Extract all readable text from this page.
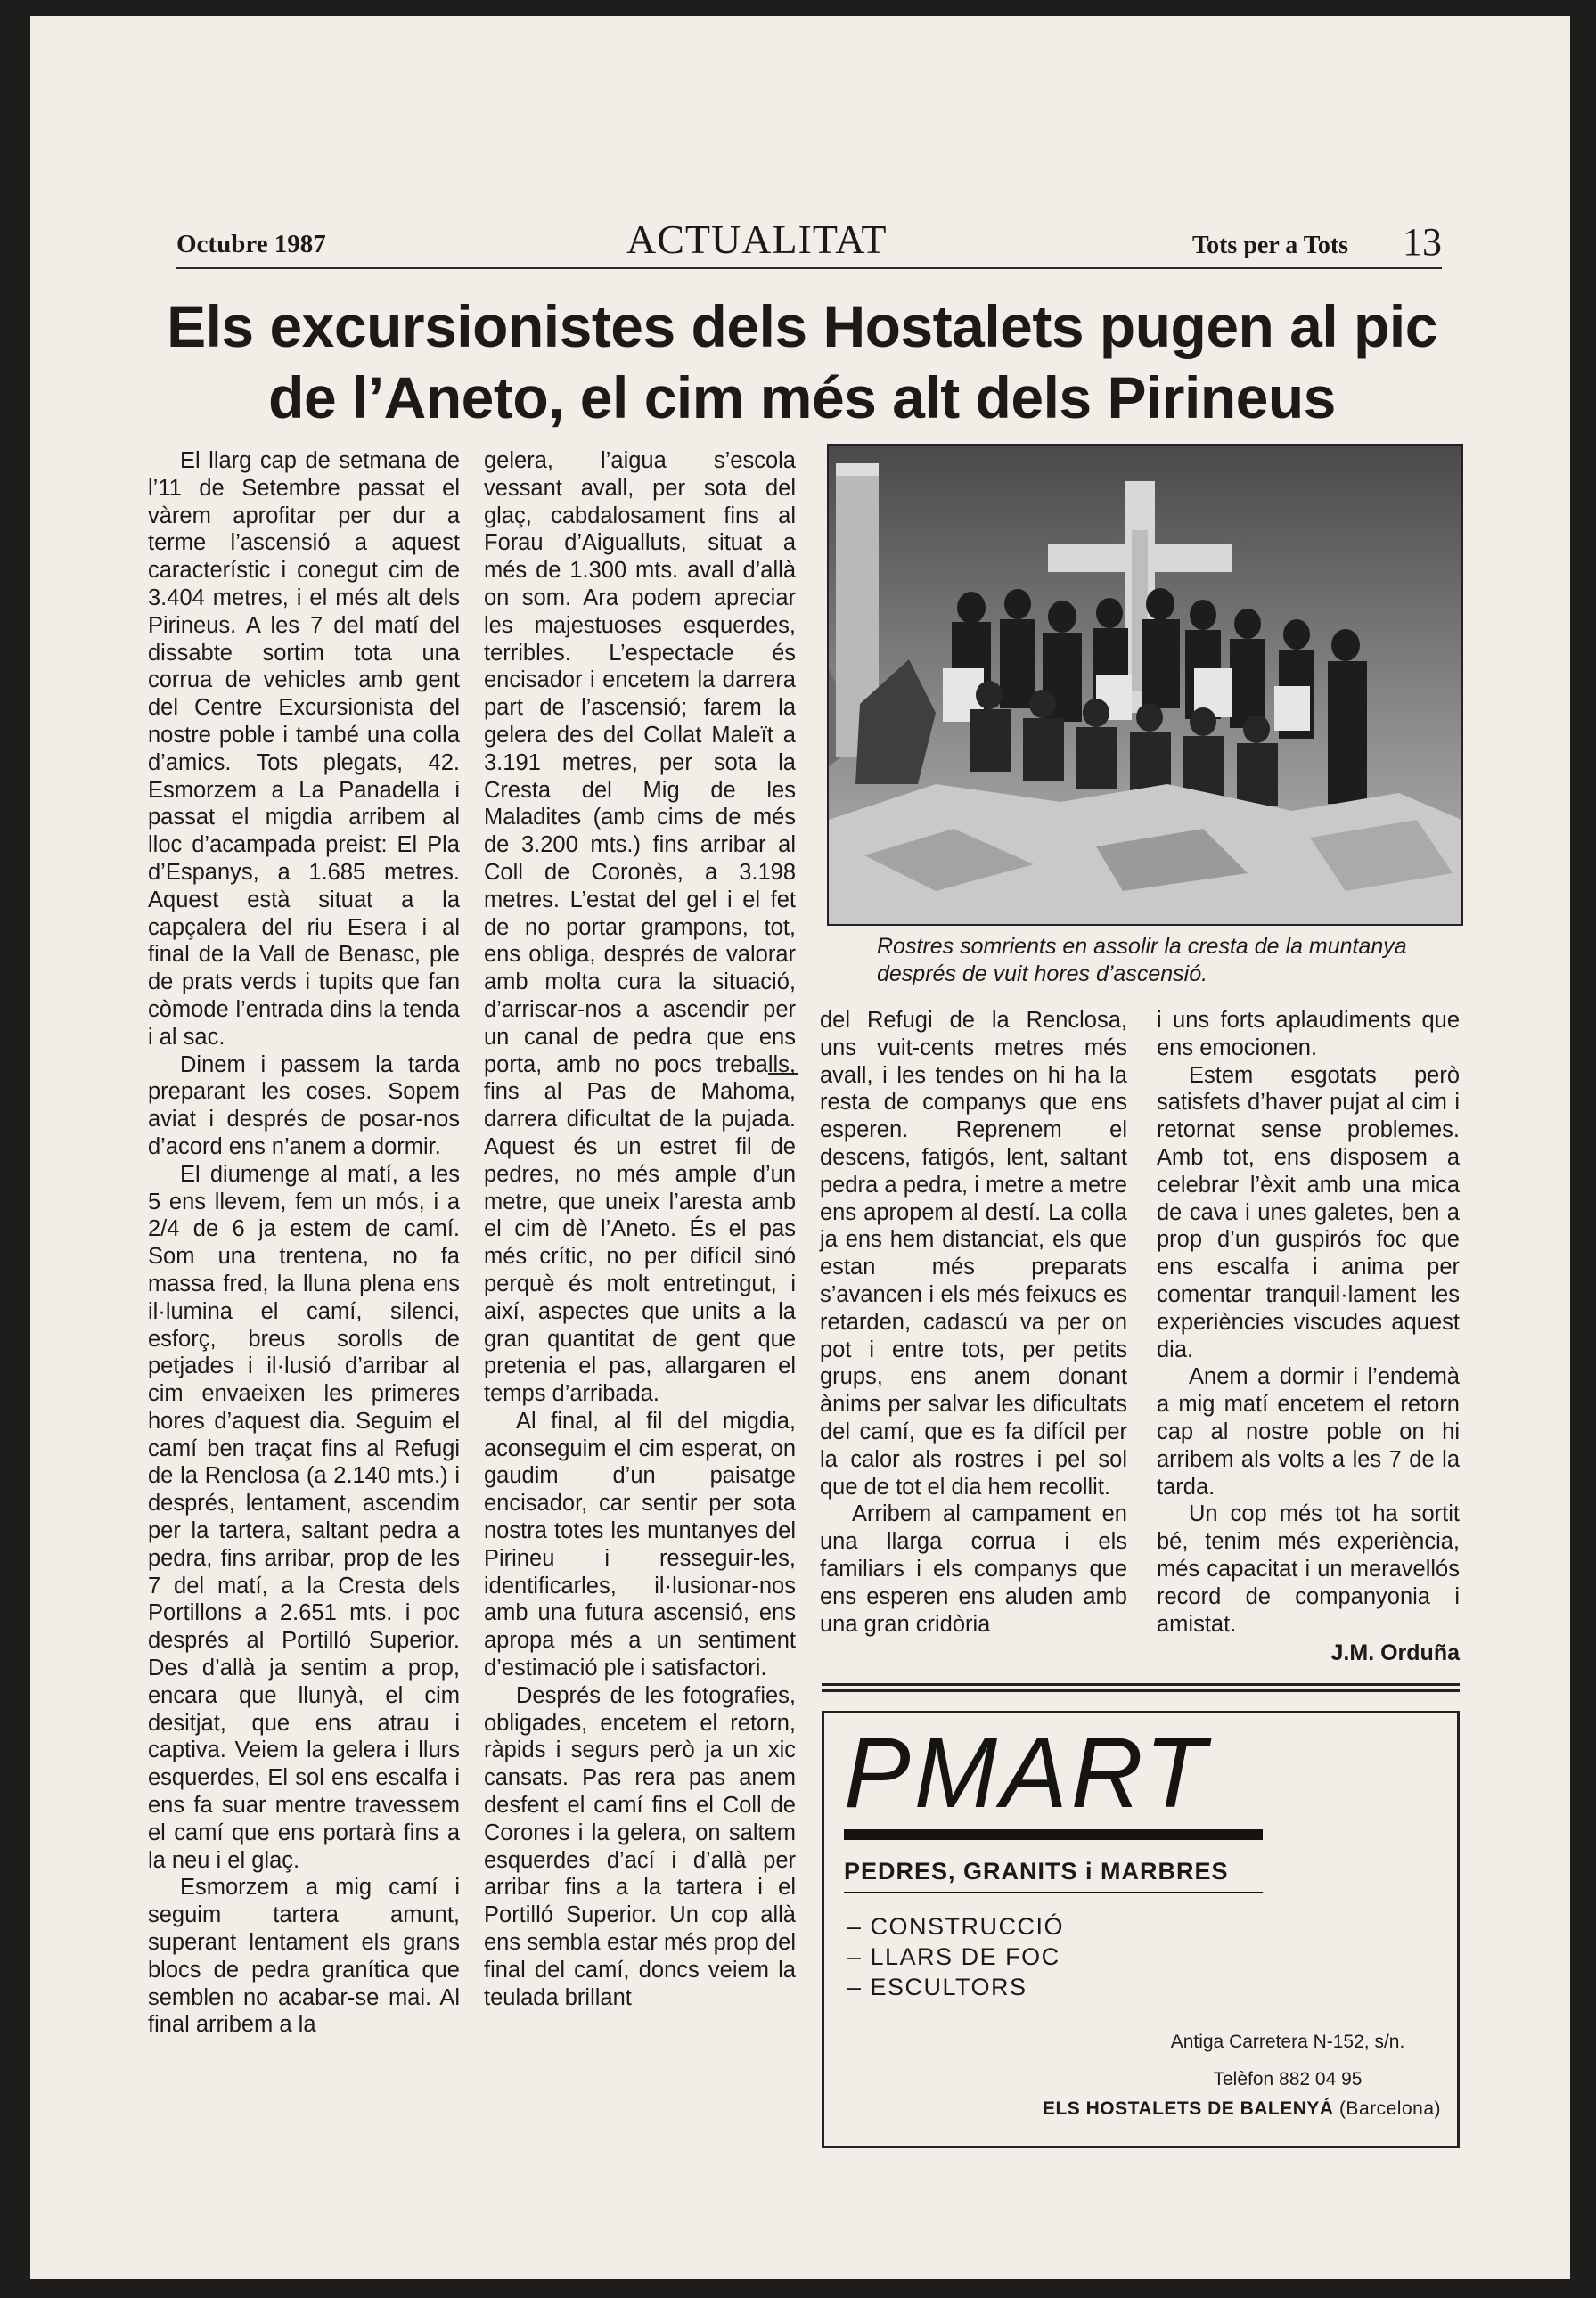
Octubre 1987	ACTUALITAT	Tots per a Tots 13
Els excursionistes dels Hostalets pugen al pic
de l’Aneto, el cim més alt dels Pirineus

El llarg cap de setmana de l’11 de Setembre passat el vàrem aprofitar per dur a terme l’ascensió a aquest característic i conegut cim de 3.404 metres, i el més alt dels Pirineus. A les 7 del matí del dissabte sortim tota una corrua de vehicles amb gent del Centre Excursionista del nostre poble i també una colla d’amics. Tots plegats, 42. Esmorzem a La Panadella i passat el migdia arribem al lloc d’acampada preist: El Pla d’Espanys, a 1.685 metres. Aquest està situat a la capçalera del riu Esera i al final de la Vall de Benasc, ple de prats verds i tupits que fan còmode l’entrada dins la tenda i al sac.

Dinem i passem la tarda preparant les coses. Sopem aviat i després de posar-nos d’acord ens n’anem a dormir.

El diumenge al matí, a les 5 ens llevem, fem un mós, i a 2/4 de 6 ja estem de camí. Som una trentena, no fa massa fred, la lluna plena ens il·lumina el camí, silenci, esforç, breus sorolls de petjades i il·lusió d’arribar al cim envaeixen les primeres hores d’aquest dia. Seguim el camí ben traçat fins al Refugi de la Renclosa (a 2.140 mts.) i després, lentament, ascendim per la tartera, saltant pedra a pedra, fins arribar, prop de les 7 del matí, a la Cresta dels Portillons a 2.651 mts. i poc després al Portilló Superior. Des d’allà ja sentim a prop, encara que llunyà, el cim desitjat, que ens atrau i captiva. Veiem la gelera i llurs esquerdes, El sol ens escalfa i ens fa suar mentre travessem el camí que ens portarà fins a la neu i el glaç.

Esmorzem a mig camí i seguim tartera amunt, superant lentament els grans blocs de pedra granítica que semblen no acabar-se mai. Al final arribem a la

gelera, l’aigua s’escola vessant avall, per sota del glaç, cabdalosament fins al Forau d’Aigualluts, situat a més de 1.300 mts. avall d’allà on som. Ara podem apreciar les majestuoses esquerdes, terribles. L’espectacle és encisador i encetem la darrera part de l’ascensió; farem la gelera des del Collat Maleït a 3.191 metres, per sota la Cresta del Mig de les Maladites (amb cims de més de 3.200 mts.) fins arribar al Coll de Coronès, a 3.198 metres. L’estat del gel i el fet de no portar grampons, tot, ens obliga, després de valorar amb molta cura la situació, d’arriscar-nos a ascendir per un canal de pedra que ens porta, amb no pocs treballs, fins al Pas de Mahoma, darrera dificultat de la pujada. Aquest és un estret fil de pedres, no més ample d’un metre, que uneix l’aresta amb el cim dè l’Aneto. És el pas més crític, no per difícil sinó perquè és molt entretingut, i així, aspectes que units a la gran quantitat de gent que pretenia el pas, allargaren el temps d’arribada.

Al final, al fil del migdia, aconseguim el cim esperat, on gaudim d’un paisatge encisador, car sentir per sota nostra totes les muntanyes del Pirineu i resseguir-les, identificarles, il·lusionar-nos amb una futura ascensió, ens apropa més a un sentiment d’estimació ple i satisfactori.

Després de les fotografies, obligades, encetem el retorn, ràpids i segurs però ja un xic cansats. Pas rera pas anem desfent el camí fins el Coll de Corones i la gelera, on saltem esquerdes d’ací i d’allà per arribar fins a la tartera i el Portilló Superior. Un cop allà ens sembla estar més prop del final del camí, doncs veiem la teulada brillant

Rostres somrients en assolir la cresta de la muntanya
després de vuit hores d’ascensió.

del Refugi de la Renclosa, uns vuit-cents metres més avall, i les tendes on hi ha la resta de companys que ens esperen. Reprenem el descens, fatigós, lent, saltant pedra a pedra, i metre a metre ens apropem al destí. La colla ja ens hem distanciat, els que estan més preparats s’avancen i els més feixucs es retarden, cadascú va per on pot i entre tots, per petits grups, ens anem donant ànims per salvar les dificultats del camí, que es fa difícil per la calor als rostres i pel sol que de tot el dia hem recollit.

Arribem al campament en una llarga corrua i els familiars i els companys que ens esperen ens aluden amb una gran cridòria

i uns forts aplaudiments que ens emocionen.

Estem esgotats però satisfets d’haver pujat al cim i retornat sense problemes. Amb tot, ens disposem a celebrar l’èxit amb una mica de cava i unes galetes, ben a prop d’un guspirós foc que ens escalfa i anima per comentar tranquil·lament les experiències viscudes aquest dia.

Anem a dormir i l’endemà a mig matí encetem el retorn cap al nostre poble on hi arribem als volts a les 7 de la tarda.

Un cop més tot ha sortit bé, tenim més experiència, més capacitat i un meravellós record de companyonia i amistat.

J.M. Orduña
PMART
PEDRES, GRANITS i MARBRES
– CONSTRUCCIÓ
– LLARS DE FOC
– ESCULTORS
Antiga Carretera N-152, s/n.
Telèfon 882 04 95
ELS HOSTALETS DE BALENYÁ (Barcelona)
